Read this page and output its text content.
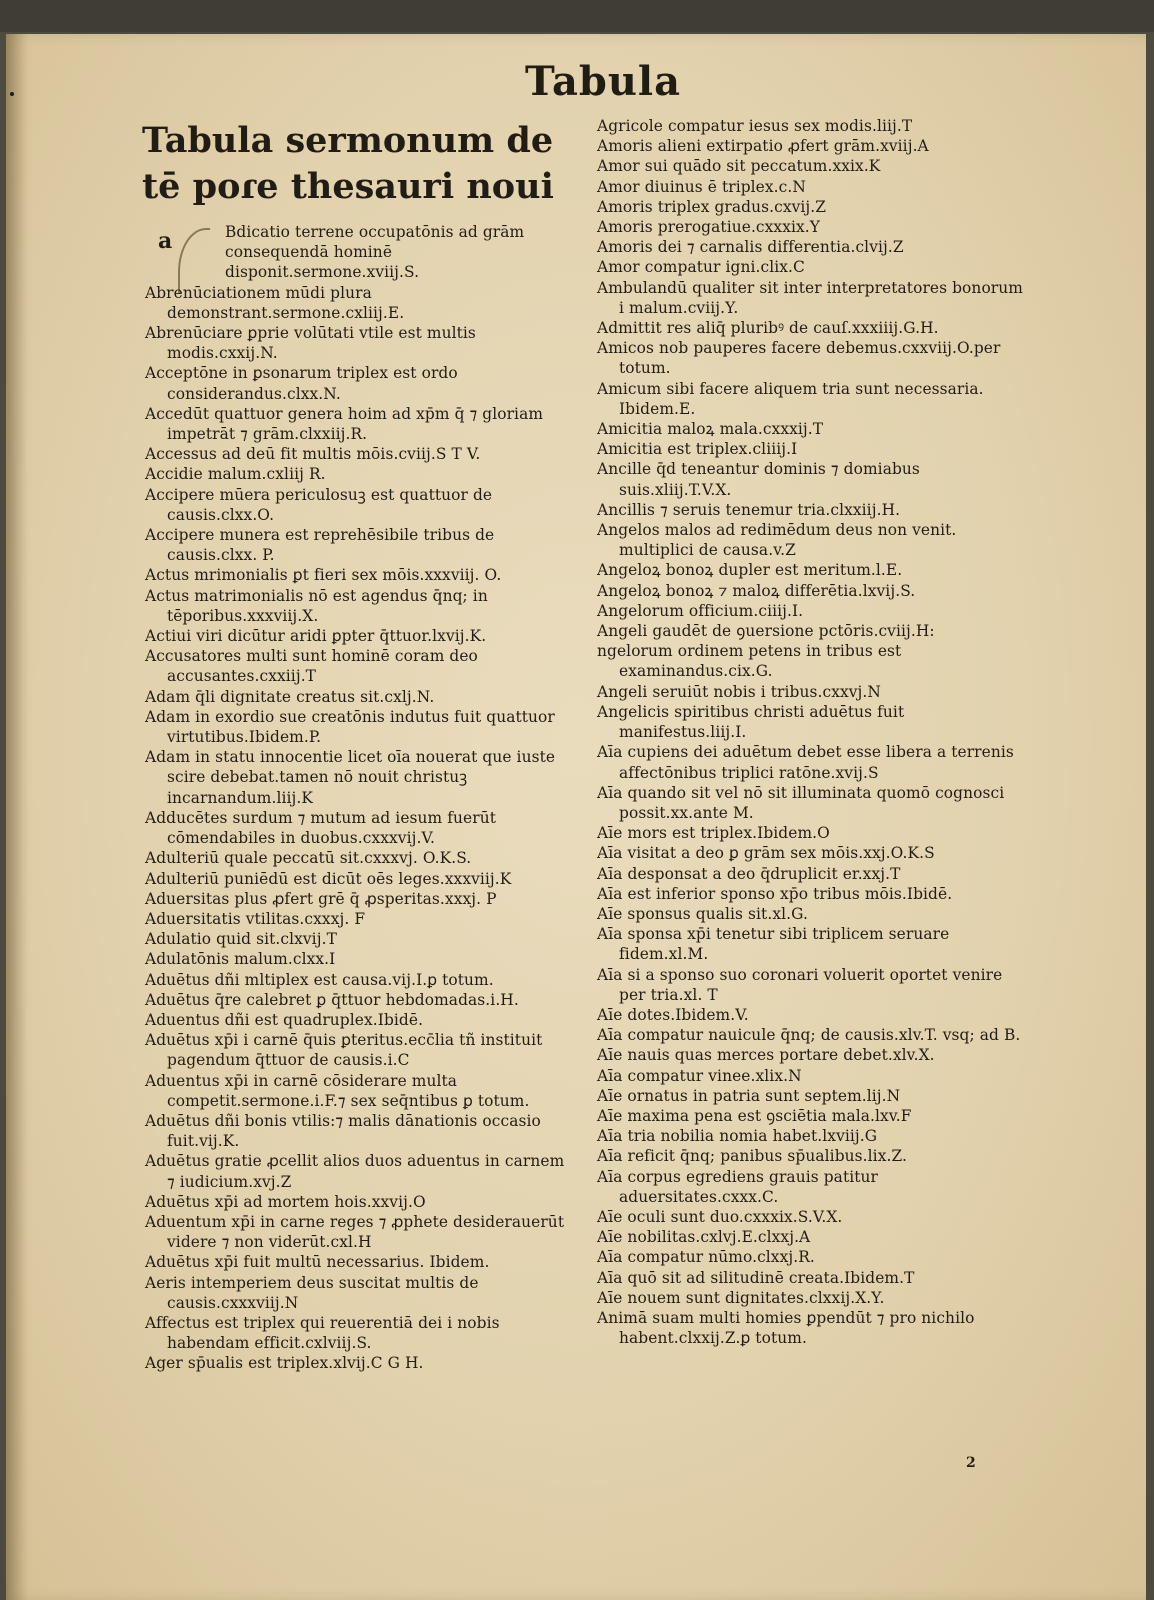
Tabula
Tabula sermonum de tē poɾe thesauri noui
a	Bdicatio terrene occupatōnis ad grām consequendā hominē disponit.sermone.xviij.S.
Abrenūciationem mūdi plura demonstrant.sermone.cxliij.E.
Abrenūciare ꝑprie volūtati vtile est multis modis.cxxij.N.
Acceptōne in ꝑsonarum triplex est ordo considerandus.clxx.N.
Accedūt quattuor genera hoim ad xp̄m q̄ ⁊ gloriam impetrāt ⁊ grām.clxxiij.R.
Accessus ad deū fit multis mōis.cviij.S T V.
Accidie malum.cxliij R.
Accipere mūera periculosuꝫ est quattuor de causis.clxx.O.
Accipere munera est reprehēsibile tribus de causis.clxx. P.
Actus mrimonialis ꝑt fieri sex mōis.xxxviij. O.
Actus matrimonialis nō est agendus q̄nq; in tēporibus.xxxviij.X.
Actiui viri dicūtur aridi ꝑpter q̄ttuor.lxvij.K.
Accusatores multi sunt hominē coram deo accusantes.cxxiij.T
Adam q̄li dignitate creatus sit.cxlj.N.
Adam in exordio sue creatōnis indutus fuit quattuor virtutibus.Ibidem.P.
Adam in statu innocentie licet oīa nouerat que iuste scire debebat.tamen nō nouit christuꝫ incarnandum.liij.K
Adducētes surdum ⁊ mutum ad iesum fuerūt cōmendabiles in duobus.cxxxvij.V.
Adulteriū quale peccatū sit.cxxxvj. O.K.S.
Adulteriū puniēdū est dicūt oēs leges.xxxviij.K
Aduersitas plus ꝓfert grē q̄ ꝓsperitas.xxxj. P
Aduersitatis vtilitas.cxxxj. F
Adulatio quid sit.clxvij.T
Adulatōnis malum.clxx.I
Aduētus dñi mltiplex est causa.vij.I.ꝑ totum.
Aduētus q̄re calebret ꝑ q̄ttuor hebdomadas.i.H.
Aduentus dñi est quadruplex.Ibidē.
Aduētus xp̄i i carnē q̄uis ꝑteritus.ecc̄lia tñ instituit pagendum q̄ttuor de causis.i.C
Aduentus xp̄i in carnē cōsiderare multa competit.sermone.i.F.⁊ sex seq̄ntibus ꝑ totum.
Aduētus dñi bonis vtilis:⁊ malis dānationis occasio fuit.vij.K.
Aduētus gratie ꝓcellit alios duos aduentus in carnem ⁊ iudicium.xvj.Z
Aduētus xp̄i ad mortem hois.xxvij.O
Aduentum xp̄i in carne reges ⁊ ꝓphete desiderauerūt videre ⁊ non viderūt.cxl.H
Aduētus xp̄i fuit multū necessarius. Ibidem.
Aeris intemperiem deus suscitat multis de causis.cxxxviij.N
Affectus est triplex qui reuerentiā dei i nobis habendam efficit.cxlviij.S.
Ager sp̄ualis est triplex.xlvij.C G H.
Agricole compatur iesus sex modis.liij.T
Amoris alieni extirpatio ꝓfert grām.xviij.A
Amor sui quādo sit peccatum.xxix.K
Amor diuinus ē triplex.c.N
Amoris triplex gradus.cxvij.Z
Amoris prerogatiue.cxxxix.Y
Amoris dei ⁊ carnalis differentia.clvij.Z
Amor compatur igni.clix.C
Ambulandū qualiter sit inter interpretatores bonorum i malum.cviij.Y.
Admittit res aliq̄ pluribꝰ de cauſ.xxxiiij.G.H.
Amicos nob pauperes facere debemus.cxxviij.O.per totum.
Amicum sibi facere aliquem tria sunt necessaria. Ibidem.E.
Amicitia maloꝝ mala.cxxxij.T
Amicitia est triplex.cliiij.I
Ancille q̄d teneantur dominis ⁊ domiabus suis.xliij.T.V.X.
Ancillis ⁊ seruis tenemur tria.clxxiij.H.
Angelos malos ad redimēdum deus non venit. multiplici de causa.v.Z
Angeloꝝ bonoꝝ dupler est meritum.l.E.
Angeloꝝ bonoꝝ ⁊ maloꝝ differētia.lxvij.S.
Angelorum officium.ciiij.I.
Angeli gaudēt de ꝯuersione pctōris.cviij.H:
ngelorum ordinem petens in tribus est examinandus.cix.G.
Angeli seruiūt nobis i tribus.cxxvj.N
Angelicis spiritibus christi aduētus fuit manifestus.liij.I.
Aīa cupiens dei aduētum debet esse libera a terrenis affectōnibus triplici ratōne.xvij.S
Aīa quando sit vel nō sit illuminata quomō cognosci possit.xx.ante M.
Aīe mors est triplex.Ibidem.O
Aīa visitat a deo ꝑ grām sex mōis.xxj.O.K.S
Aīa desponsat a deo q̄druplicit er.xxj.T
Aīa est inferior sponso xp̄o tribus mōis.Ibidē.
Aīe sponsus qualis sit.xl.G.
Aīa sponsa xp̄i tenetur sibi triplicem seruare fidem.xl.M.
Aīa si a sponso suo coronari voluerit oportet venire per tria.xl. T
Aīe dotes.Ibidem.V.
Aīa compatur nauicule q̄nq; de causis.xlv.T. vsq; ad B.
Aīe nauis quas merces portare debet.xlv.X.
Aīa compatur vinee.xlix.N
Aīe ornatus in patria sunt septem.lij.N
Aīe maxima pena est ꝯsciētia mala.lxv.F
Aīa tria nobilia nomia habet.lxviij.G
Aīa reficit q̄nq; panibus sp̄ualibus.lix.Z.
Aīa corpus egrediens grauis patitur aduersitates.cxxx.C.
Aīe oculi sunt duo.cxxxix.S.V.X.
Aīe nobilitas.cxlvj.E.clxxj.A
Aīa compatur nūmo.clxxj.R.
Aīa quō sit ad silitudinē creata.Ibidem.T
Aīe nouem sunt dignitates.clxxij.X.Y.
Animā suam multi homies ꝑpendūt ⁊ pro nichilo habent.clxxij.Z.ꝑ totum.
2
